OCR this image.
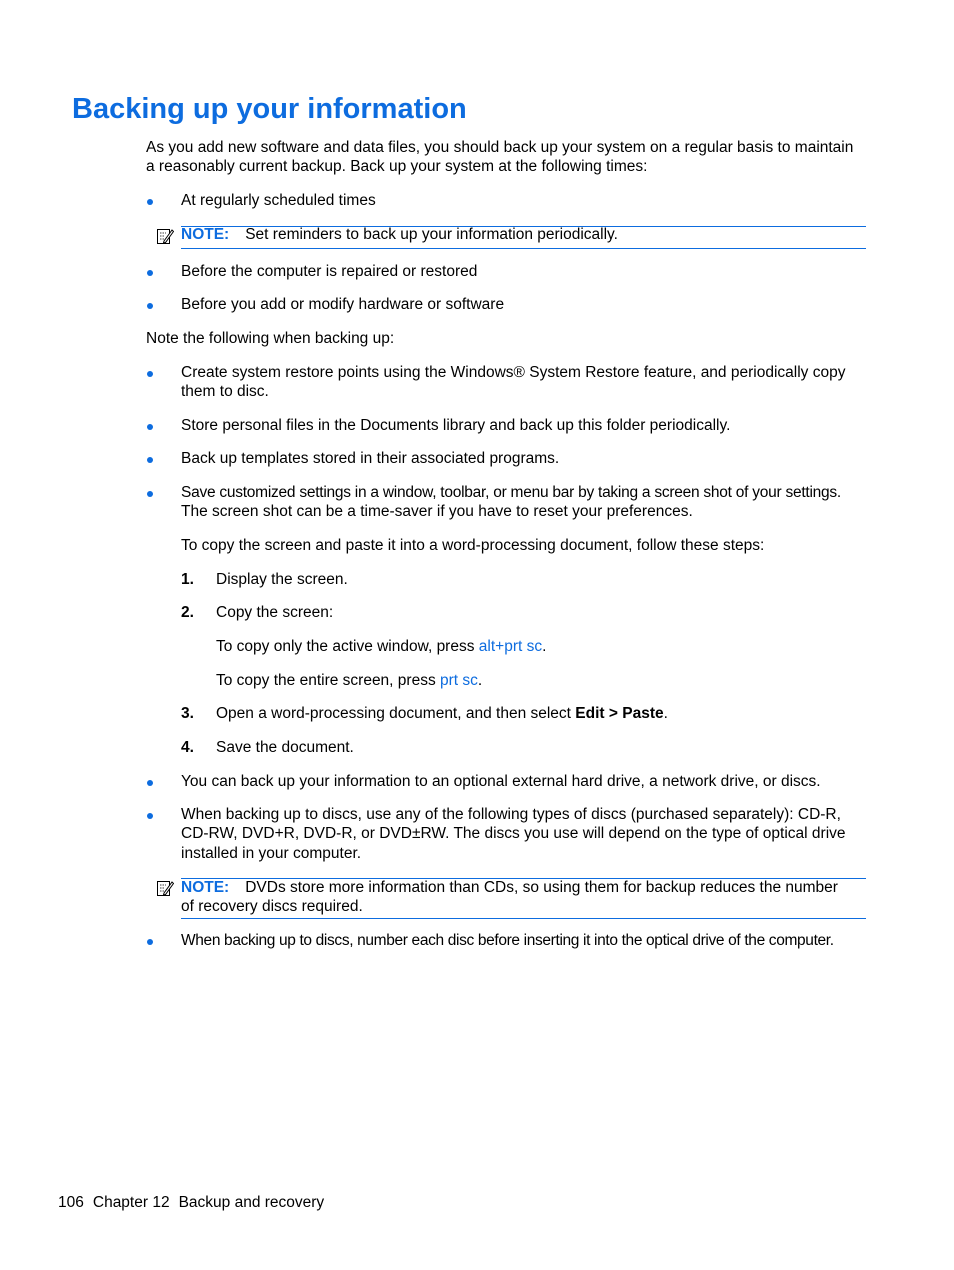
Backing up your information
As you add new software and data files, you should back up your system on a regular basis to maintain
a reasonably current backup. Back up your system at the following times:
At regularly scheduled times
NOTE: Set reminders to back up your information periodically.
Before the computer is repaired or restored
Before you add or modify hardware or software
Note the following when backing up:
Create system restore points using the Windows® System Restore feature, and periodically copy
them to disc.
Store personal files in the Documents library and back up this folder periodically.
Back up templates stored in their associated programs.
Save customized settings in a window, toolbar, or menu bar by taking a screen shot of your settings.
The screen shot can be a time-saver if you have to reset your preferences.
To copy the screen and paste it into a word-processing document, follow these steps:
1. Display the screen.
2. Copy the screen:
To copy only the active window, press alt+prt sc.
To copy the entire screen, press prt sc.
3. Open a word-processing document, and then select Edit > Paste.
4. Save the document.
You can back up your information to an optional external hard drive, a network drive, or discs.
When backing up to discs, use any of the following types of discs (purchased separately): CD-R,
CD-RW, DVD+R, DVD-R, or DVD±RW. The discs you use will depend on the type of optical drive
installed in your computer.
NOTE: DVDs store more information than CDs, so using them for backup reduces the number
of recovery discs required.
When backing up to discs, number each disc before inserting it into the optical drive of the computer.
106 Chapter 12 Backup and recovery
